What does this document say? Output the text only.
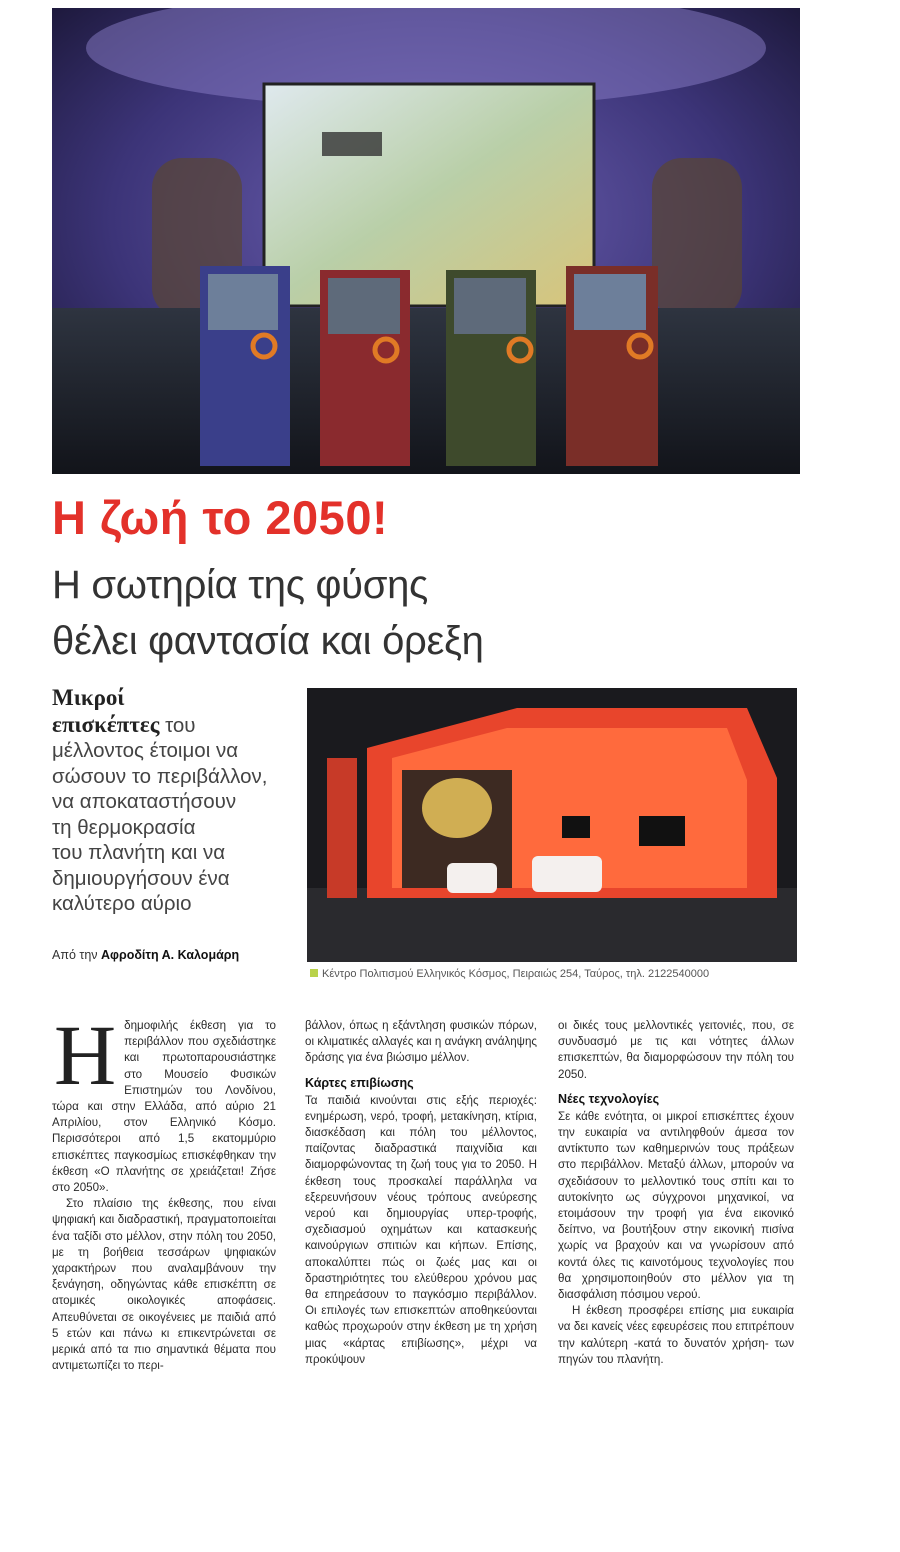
Η ζωή το 2050!
Η σωτηρία της φύσης
θέλει φαντασία και όρεξη
Μικροί
επισκέπτες του
μέλλοντος έτοιμοι να
σώσουν το περιβάλλον,
να αποκαταστήσουν
τη θερμοκρασία
του πλανήτη και να
δημιουργήσουν ένα
καλύτερο αύριο
Από την Αφροδίτη Α. Καλομάρη
Κέντρο Πολιτισμού Ελληνικός Κόσμος, Πειραιώς 254, Ταύρος, τηλ. 2122540000
Η δημοφιλής έκθεση για το περιβάλλον που σχεδιάστηκε και πρωτοπαρουσιάστηκε στο Μουσείο Φυσικών Επιστημών του Λονδίνου, τώρα και στην Ελλάδα, από αύριο 21 Απριλίου, στον Ελληνικό Κόσμο. Περισσότεροι από 1,5 εκατομμύριο επισκέπτες παγκοσμίως επισκέφθηκαν την έκθεση «Ο πλανήτης σε χρειάζεται! Ζήσε στο 2050».

Στο πλαίσιο της έκθεσης, που είναι ψηφιακή και διαδραστική, πραγματοποιείται ένα ταξίδι στο μέλλον, στην πόλη του 2050, με τη βοήθεια τεσσάρων ψηφιακών χαρακτήρων που αναλαμβάνουν την ξενάγηση, οδηγώντας κάθε επισκέπτη σε ατομικές οικολογικές αποφάσεις. Απευθύνεται σε οικογένειες με παιδιά από 5 ετών και πάνω κι επικεντρώνεται σε μερικά από τα πιο σημαντικά θέματα που αντιμετωπίζει το περι-

βάλλον, όπως η εξάντληση φυσικών πόρων, οι κλιματικές αλλαγές και η ανάγκη ανάληψης δράσης για ένα βιώσιμο μέλλον.

Κάρτες επιβίωσης

Τα παιδιά κινούνται στις εξής περιοχές: ενημέρωση, νερό, τροφή, μετακίνηση, κτίρια, διασκέδαση και πόλη του μέλλοντος, παίζοντας διαδραστικά παιχνίδια και διαμορφώνοντας τη ζωή τους για το 2050. Η έκθεση τους προσκαλεί παράλληλα να εξερευνήσουν νέους τρόπους ανεύρεσης νερού και δημιουργίας υπερ-τροφής, σχεδιασμού οχημάτων και κατασκευής καινούργιων σπιτιών και κήπων. Επίσης, αποκαλύπτει πώς οι ζωές μας και οι δραστηριότητες του ελεύθερου χρόνου μας θα επηρεάσουν το παγκόσμιο περιβάλλον. Οι επιλογές των επισκεπτών αποθηκεύονται καθώς προχωρούν στην έκθεση με τη χρήση μιας «κάρτας επιβίωσης», μέχρι να προκύψουν

οι δικές τους μελλοντικές γειτονιές, που, σε συνδυασμό με τις και νότητες άλλων επισκεπτών, θα διαμορφώσουν την πόλη του 2050.

Νέες τεχνολογίες

Σε κάθε ενότητα, οι μικροί επισκέπτες έχουν την ευκαιρία να αντιληφθούν άμεσα τον αντίκτυπο των καθημερινών τους πράξεων στο περιβάλλον. Μεταξύ άλλων, μπορούν να σχεδιάσουν το μελλοντικό τους σπίτι και το αυτοκίνητο ως σύγχρονοι μηχανικοί, να ετοιμάσουν την τροφή για ένα εικονικό δείπνο, να βουτήξουν στην εικονική πισίνα χωρίς να βραχούν και να γνωρίσουν από κοντά όλες τις καινοτόμους τεχνολογίες που θα χρησιμοποιηθούν στο μέλλον για τη διασφάλιση πόσιμου νερού.

Η έκθεση προσφέρει επίσης μια ευκαιρία να δει κανείς νέες εφευρέσεις που επιτρέπουν την καλύτερη -κατά το δυνατόν χρήση- των πηγών του πλανήτη.
